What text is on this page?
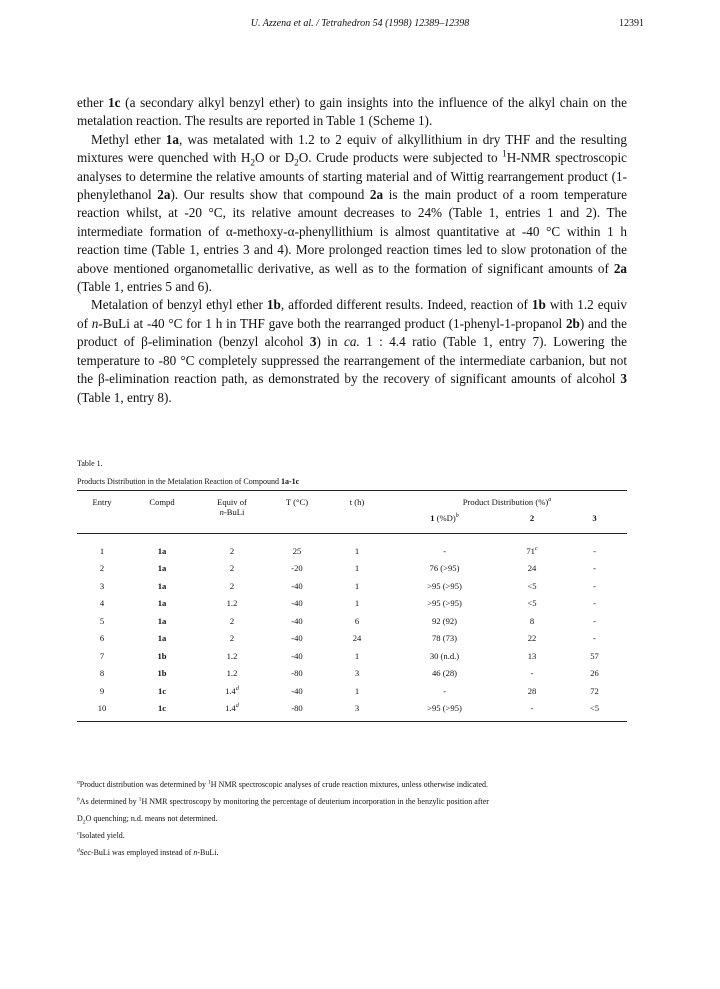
U. Azzena et al. / Tetrahedron 54 (1998) 12389–12398	12391

ether 1c (a secondary alkyl benzyl ether) to gain insights into the influence of the alkyl chain on the metalation reaction. The results are reported in Table 1 (Scheme 1).

Methyl ether 1a, was metalated with 1.2 to 2 equiv of alkyllithium in dry THF and the resulting mixtures were quenched with $H_2O$ or $D_2O$. Crude products were subjected to $^1$H-NMR spectroscopic analyses to determine the relative amounts of starting material and of Wittig rearrangement product (1-phenylethanol 2a). Our results show that compound 2a is the main product of a room temperature reaction whilst, at -20 °C, its relative amount decreases to 24% (Table 1, entries 1 and 2). The intermediate formation of α-methoxy-α-phenyllithium is almost quantitative at -40 °C within 1 h reaction time (Table 1, entries 3 and 4). More prolonged reaction times led to slow protonation of the above mentioned organometallic derivative, as well as to the formation of significant amounts of 2a (Table 1, entries 5 and 6).

Metalation of benzyl ethyl ether 1b, afforded different results. Indeed, reaction of 1b with 1.2 equiv of n-BuLi at -40 °C for 1 h in THF gave both the rearranged product (1-phenyl-1-propanol 2b) and the product of β-elimination (benzyl alcohol 3) in ca. 1 : 4.4 ratio (Table 1, entry 7). Lowering the temperature to -80 °C completely suppressed the rearrangement of the intermediate carbanion, but not the β-elimination reaction path, as demonstrated by the recovery of significant amounts of alcohol 3 (Table 1, entry 8).

Table 1.
Products Distribution in the Metalation Reaction of Compound 1a-1c
Entry	Compd	Equiv of
n-BuLi	T (°C)	t (h)	Product Distribution (%)$^a$
					1 $(\%D)^b$	2	3

1	1a	2	25	1	-	71$^c$	-
2	1a	2	-20	1	76 (>95)	24	-
3	1a	2	-40	1	>95 (>95)	<5	-
4	1a	1.2	-40	1	>95 (>95)	<5	-
5	1a	2	-40	6	92 (92)	8	-
6	1a	2	-40	24	78 (73)	22	-
7	1b	1.2	-40	1	30 (n.d.)	13	57
8	1b	1.2	-80	3	46 (28)	-	26
9	1c	1.4$^d$	-40	1	-	28	72
10	1c	1.4$^d$	-80	3	>95 (>95)	-	<5

$^a$Product distribution was determined by $^1$H NMR spectroscopic analyses of crude reaction mixtures, unless otherwise indicated.
$^b$As determined by $^1$H NMR spectroscopy by monitoring the percentage of deuterium incorporation in the benzylic position after
$D_2O$ quenching; n.d. means not determined.
$^c$Isolated yield.
$^d$Sec-BuLi was employed instead of n-BuLi.
